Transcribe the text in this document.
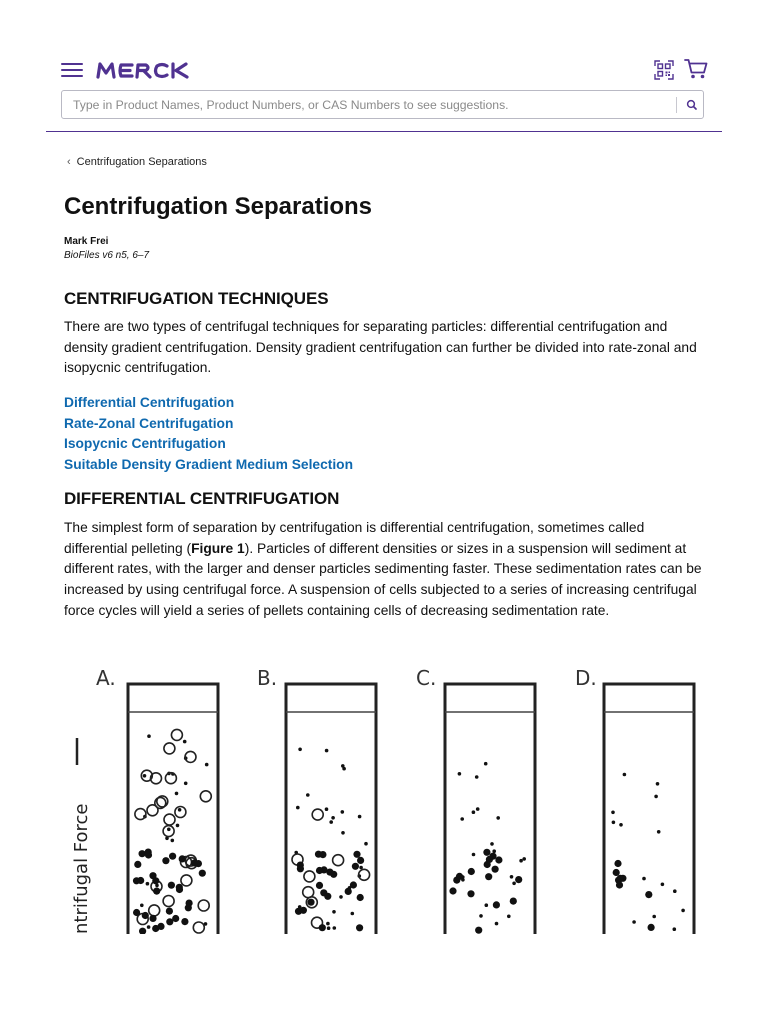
Type in Product Names, Product Numbers, or CAS Numbers to see suggestions.
‹ Centrifugation Separations
Centrifugation Separations
Mark Frei
BioFiles v6 n5, 6–7
CENTRIFUGATION TECHNIQUES

There are two types of centrifugal techniques for separating particles: differential centrifugation and density gradient centrifugation. Density gradient centrifugation can further be divided into rate-zonal and isopycnic centrifugation.

Differential Centrifugation
Rate-Zonal Centrifugation
Isopycnic Centrifugation
Suitable Density Gradient Medium Selection
DIFFERENTIAL CENTRIFUGATION

The simplest form of separation by centrifugation is differential centrifugation, sometimes called differential pelleting (Figure 1). Particles of different densities or sizes in a suspension will sediment at different rates, with the larger and denser particles sedimenting faster. These sedimentation rates can be increased by using centrifugal force. A suspension of cells subjected to a series of increasing centrifugal force cycles will yield a series of pellets containing cells of decreasing sedimentation rate.

A.	B.	C.	D.
ntrifugal Force
